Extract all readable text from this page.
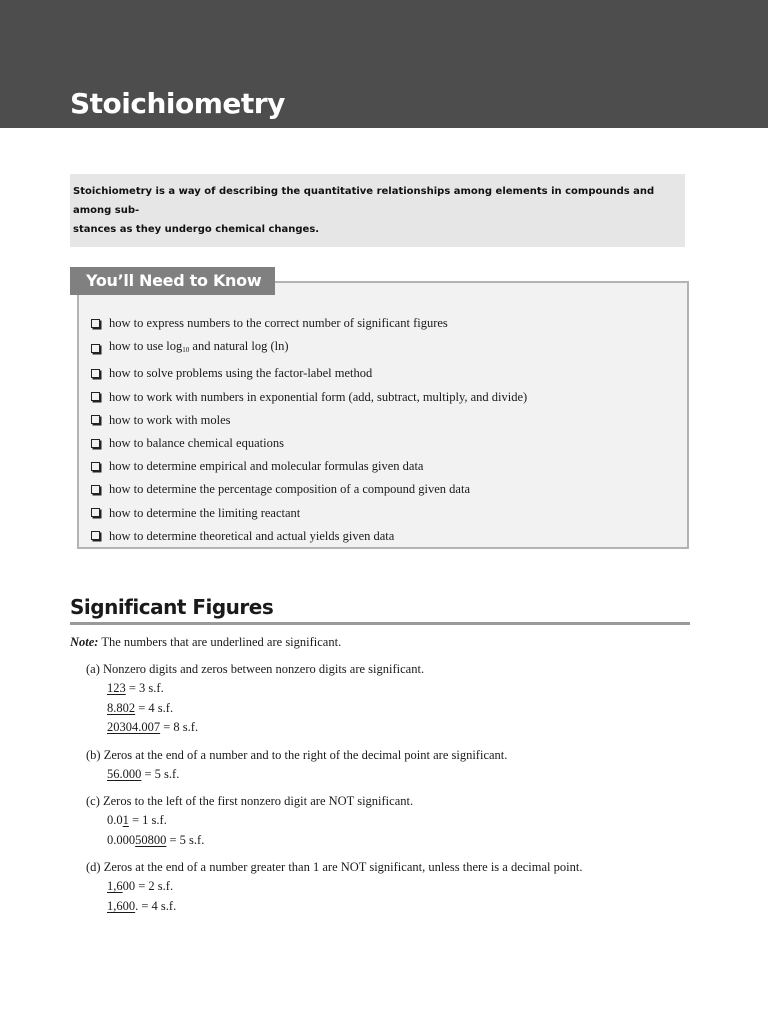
Stoichiometry

Stoichiometry is a way of describing the quantitative relationships among elements in compounds and among sub-

stances as they undergo chemical changes.

You’ll Need to Know
how to express numbers to the correct number of significant figures
how to use $\log_{10}$ and natural log (ln)
how to solve problems using the factor-label method
how to work with numbers in exponential form (add, subtract, multiply, and divide)
how to work with moles
how to balance chemical equations
how to determine empirical and molecular formulas given data
how to determine the percentage composition of a compound given data
how to determine the limiting reactant
how to determine theoretical and actual yields given data
Significant Figures
Note: The numbers that are underlined are significant.
(a) Nonzero digits and zeros between nonzero digits are significant.
123 = 3 s.f.
8.802 = 4 s.f.
20304.007 = 8 s.f.
(b) Zeros at the end of a number and to the right of the decimal point are significant.
56.000 = 5 s.f.
(c) Zeros to the left of the first nonzero digit are NOT significant.
0.01 = 1 s.f.
0.00050800 = 5 s.f.
(d) Zeros at the end of a number greater than 1 are NOT significant, unless there is a decimal point.
1,600 = 2 s.f.
1,600. = 4 s.f.
